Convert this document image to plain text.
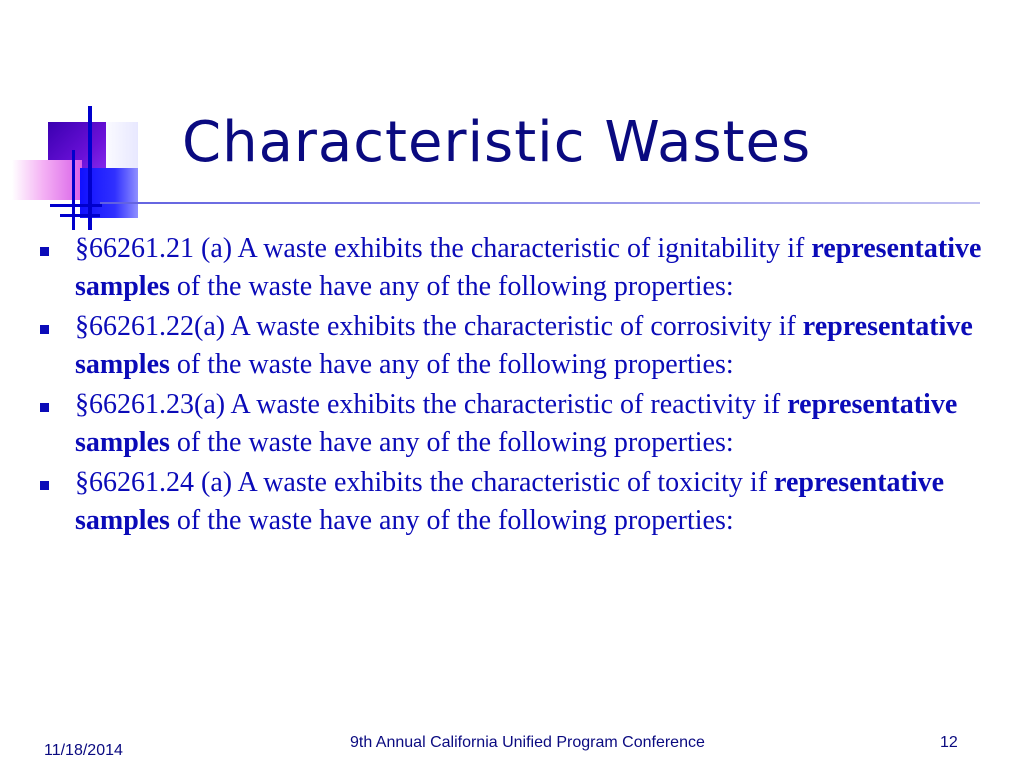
Characteristic Wastes
§66261.21 (a) A waste exhibits the characteristic of ignitability if representative samples of the waste have any of the following properties:
§66261.22(a) A waste exhibits the characteristic of corrosivity if representative samples of the waste have any of the following properties:
§66261.23(a) A waste exhibits the characteristic of reactivity if representative samples of the waste have any of the following properties:
§66261.24 (a) A waste exhibits the characteristic of toxicity if representative samples of the waste have any of the following properties:
11/18/2014	9th Annual California Unified Program Conference	12
